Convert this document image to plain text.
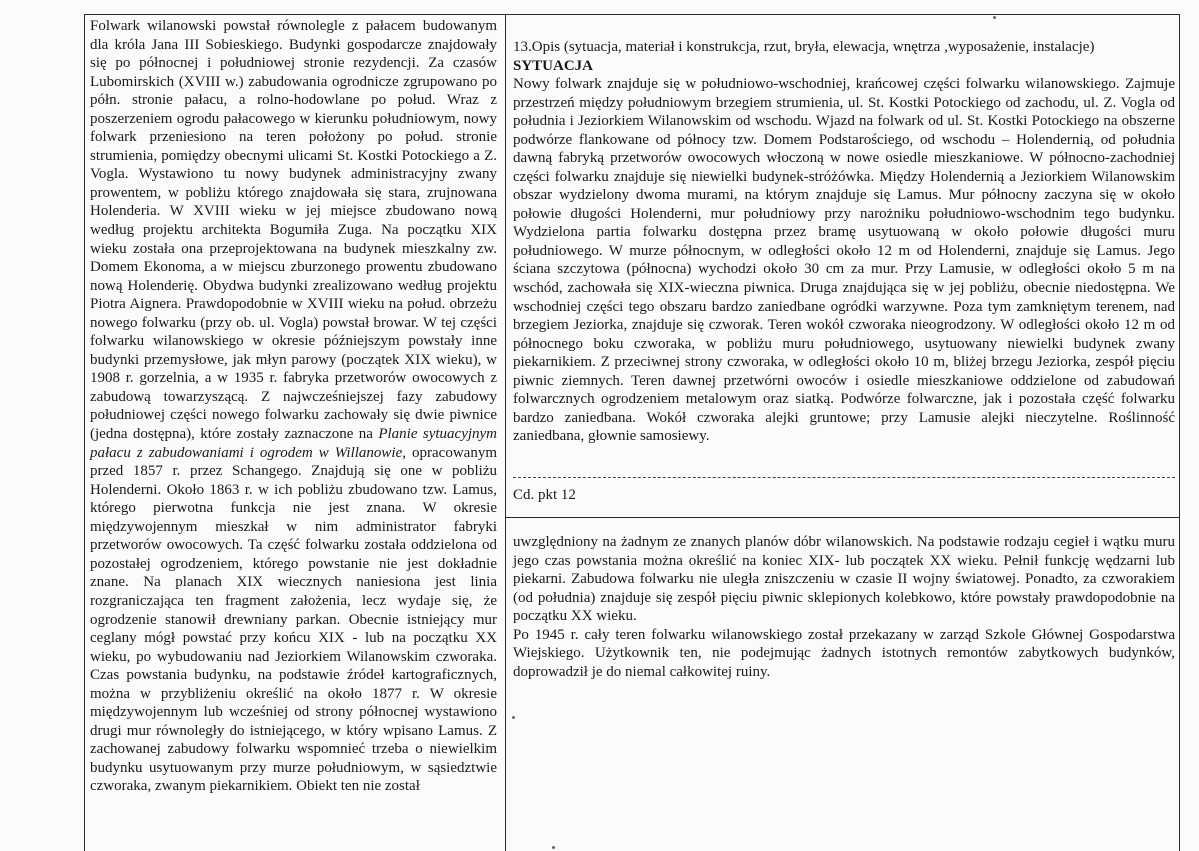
Folwark wilanowski powstał równolegle z pałacem budowanym dla króla Jana III Sobieskiego. Budynki gospodarcze znajdowały się po północnej i południowej stronie rezydencji. Za czasów Lubomirskich (XVIII w.) zabudowania ogrodnicze zgrupowano po półn. stronie pałacu, a rolno-hodowlane po połud. Wraz z poszerzeniem ogrodu pałacowego w kierunku południowym, nowy folwark przeniesiono na teren położony po połud. stronie strumienia, pomiędzy obecnymi ulicami St. Kostki Potockiego a Z. Vogla. Wystawiono tu nowy budynek administracyjny zwany prowentem, w pobliżu którego znajdowała się stara, zrujnowana Holenderia. W XVIII wieku w jej miejsce zbudowano nową według projektu architekta Bogumiła Zuga. Na początku XIX wieku została ona przeprojektowana na budynek mieszkalny zw. Domem Ekonoma, a w miejscu zburzonego prowentu zbudowano nową Holenderię. Obydwa budynki zrealizowano według projektu Piotra Aignera. Prawdopodobnie w XVIII wieku na połud. obrzeżu nowego folwarku (przy ob. ul. Vogla) powstał browar. W tej części folwarku wilanowskiego w okresie późniejszym powstały inne budynki przemysłowe, jak młyn parowy (początek XIX wieku), w 1908 r. gorzelnia, a w 1935 r. fabryka przetworów owocowych z zabudową towarzyszącą. Z najwcześniejszej fazy zabudowy południowej części nowego folwarku zachowały się dwie piwnice (jedna dostępna), które zostały zaznaczone na Planie sytuacyjnym pałacu z zabudowaniami i ogrodem w Willanowie, opracowanym przed 1857 r. przez Schangego. Znajdują się one w pobliżu Holenderni. Około 1863 r. w ich pobliżu zbudowano tzw. Lamus, którego pierwotna funkcja nie jest znana. W okresie międzywojennym mieszkał w nim administrator fabryki przetworów owocowych. Ta część folwarku została oddzielona od pozostałej ogrodzeniem, którego powstanie nie jest dokładnie znane. Na planach XIX wiecznych naniesiona jest linia rozgraniczająca ten fragment założenia, lecz wydaje się, że ogrodzenie stanowił drewniany parkan. Obecnie istniejący mur ceglany mógł powstać przy końcu XIX - lub na początku XX wieku, po wybudowaniu nad Jeziorkiem Wilanowskim czworaka. Czas powstania budynku, na podstawie źródeł kartograficznych, można w przybliżeniu określić na około 1877 r. W okresie międzywojennym lub wcześniej od strony północnej wystawiono drugi mur równoległy do istniejącego, w który wpisano Lamus. Z zachowanej zabudowy folwarku wspomnieć trzeba o niewielkim budynku usytuowanym przy murze południowym, w sąsiedztwie czworaka, zwanym piekarnikiem. Obiekt ten nie został

13.Opis (sytuacja, materiał i konstrukcja, rzut, bryła, elewacja, wnętrza ,wyposażenie, instalacje)

SYTUACJA

Nowy folwark znajduje się w południowo-wschodniej, krańcowej części folwarku wilanowskiego. Zajmuje przestrzeń między południowym brzegiem strumienia, ul. St. Kostki Potockiego od zachodu, ul. Z. Vogla od południa i Jeziorkiem Wilanowskim od wschodu. Wjazd na folwark od ul. St. Kostki Potockiego na obszerne podwórze flankowane od północy tzw. Domem Podstarościego, od wschodu – Holendernią, od południa dawną fabryką przetworów owocowych włoczoną w nowe osiedle mieszkaniowe. W północno-zachodniej części folwarku znajduje się niewielki budynek-stróżówka. Między Holendernią a Jeziorkiem Wilanowskim obszar wydzielony dwoma murami, na którym znajduje się Lamus. Mur północny zaczyna się w około połowie długości Holenderni, mur południowy przy narożniku południowo-wschodnim tego budynku. Wydzielona partia folwarku dostępna przez bramę usytuowaną w około połowie długości muru południowego. W murze północnym, w odległości około 12 m od Holenderni, znajduje się Lamus. Jego ściana szczytowa (północna) wychodzi około 30 cm za mur. Przy Lamusie, w odległości około 5 m na wschód, zachowała się XIX-wieczna piwnica. Druga znajdująca się w jej pobliżu, obecnie niedostępna. We wschodniej części tego obszaru bardzo zaniedbane ogródki warzywne. Poza tym zamkniętym terenem, nad brzegiem Jeziorka, znajduje się czworak. Teren wokół czworaka nieogrodzony. W odległości około 12 m od północnego boku czworaka, w pobliżu muru południowego, usytuowany niewielki budynek zwany piekarnikiem. Z przeciwnej strony czworaka, w odległości około 10 m, bliżej brzegu Jeziorka, zespół pięciu piwnic ziemnych. Teren dawnej przetwórni owoców i osiedle mieszkaniowe oddzielone od zabudowań folwarcznych ogrodzeniem metalowym oraz siatką. Podwórze folwarczne, jak i pozostała część folwarku bardzo zaniedbana. Wokół czworaka alejki gruntowe; przy Lamusie alejki nieczytelne. Roślinność zaniedbana, głownie samosiewy.

Cd. pkt 12

uwzględniony na żadnym ze znanych planów dóbr wilanowskich. Na podstawie rodzaju cegieł i wątku muru jego czas powstania można określić na koniec XIX- lub początek XX wieku. Pełnił funkcję wędzarni lub piekarni. Zabudowa folwarku nie uległa zniszczeniu w czasie II wojny światowej. Ponadto, za czworakiem (od południa) znajduje się zespół pięciu piwnic sklepionych kolebkowo, które powstały prawdopodobnie na początku XX wieku.

Po 1945 r. cały teren folwarku wilanowskiego został przekazany w zarząd Szkole Głównej Gospodarstwa Wiejskiego. Użytkownik ten, nie podejmując żadnych istotnych remontów zabytkowych budynków, doprowadził je do niemal całkowitej ruiny.
